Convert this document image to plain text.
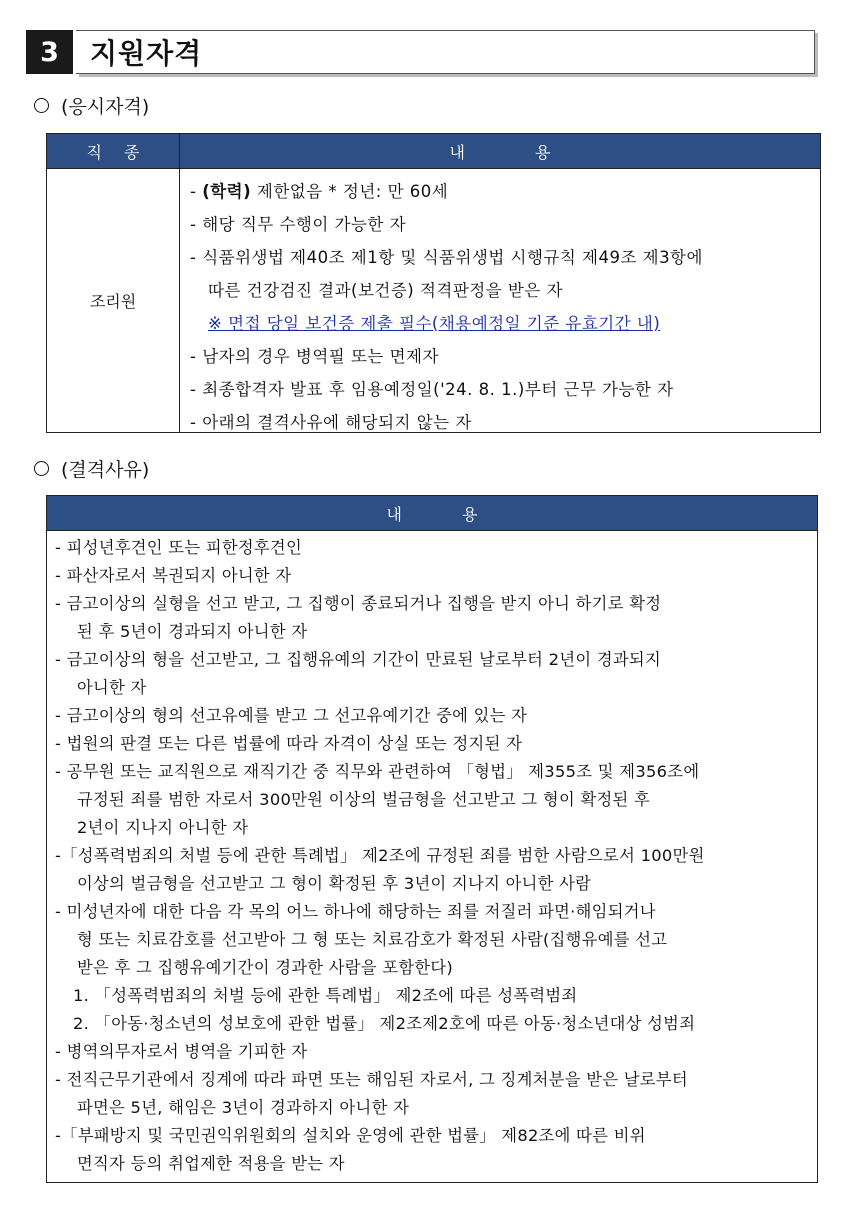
3	지원자격
(응시자격)
직종	내용
조리원
- (학력) 제한없음 * 정년: 만 60세
- 해당 직무 수행이 가능한 자
- 식품위생법 제40조 제1항 및 식품위생법 시행규칙 제49조 제3항에
따른 건강검진 결과(보건증) 적격판정을 받은 자
※ 면접 당일 보건증 제출 필수(채용예정일 기준 유효기간 내)
- 남자의 경우 병역필 또는 면제자
- 최종합격자 발표 후 임용예정일('24. 8. 1.)부터 근무 가능한 자
- 아래의 결격사유에 해당되지 않는 자
(결격사유)
내용
- 피성년후견인 또는 피한정후견인
- 파산자로서 복권되지 아니한 자
- 금고이상의 실형을 선고 받고, 그 집행이 종료되거나 집행을 받지 아니 하기로 확정
된 후 5년이 경과되지 아니한 자
- 금고이상의 형을 선고받고, 그 집행유예의 기간이 만료된 날로부터 2년이 경과되지
아니한 자
- 금고이상의 형의 선고유예를 받고 그 선고유예기간 중에 있는 자
- 법원의 판결 또는 다른 법률에 따라 자격이 상실 또는 정지된 자
- 공무원 또는 교직원으로 재직기간 중 직무와 관련하여 「형법」 제355조 및 제356조에
규정된 죄를 범한 자로서 300만원 이상의 벌금형을 선고받고 그 형이 확정된 후
2년이 지나지 아니한 자
-「성폭력범죄의 처벌 등에 관한 특례법」 제2조에 규정된 죄를 범한 사람으로서 100만원
이상의 벌금형을 선고받고 그 형이 확정된 후 3년이 지나지 아니한 사람
- 미성년자에 대한 다음 각 목의 어느 하나에 해당하는 죄를 저질러 파면·해임되거나
형 또는 치료감호를 선고받아 그 형 또는 치료감호가 확정된 사람(집행유예를 선고
받은 후 그 집행유예기간이 경과한 사람을 포함한다)
1. 「성폭력범죄의 처벌 등에 관한 특례법」 제2조에 따른 성폭력범죄
2. 「아동·청소년의 성보호에 관한 법률」 제2조제2호에 따른 아동·청소년대상 성범죄
- 병역의무자로서 병역을 기피한 자
- 전직근무기관에서 징계에 따라 파면 또는 해임된 자로서, 그 징계처분을 받은 날로부터
파면은 5년, 해임은 3년이 경과하지 아니한 자
-「부패방지 및 국민권익위원회의 설치와 운영에 관한 법률」 제82조에 따른 비위
면직자 등의 취업제한 적용을 받는 자
